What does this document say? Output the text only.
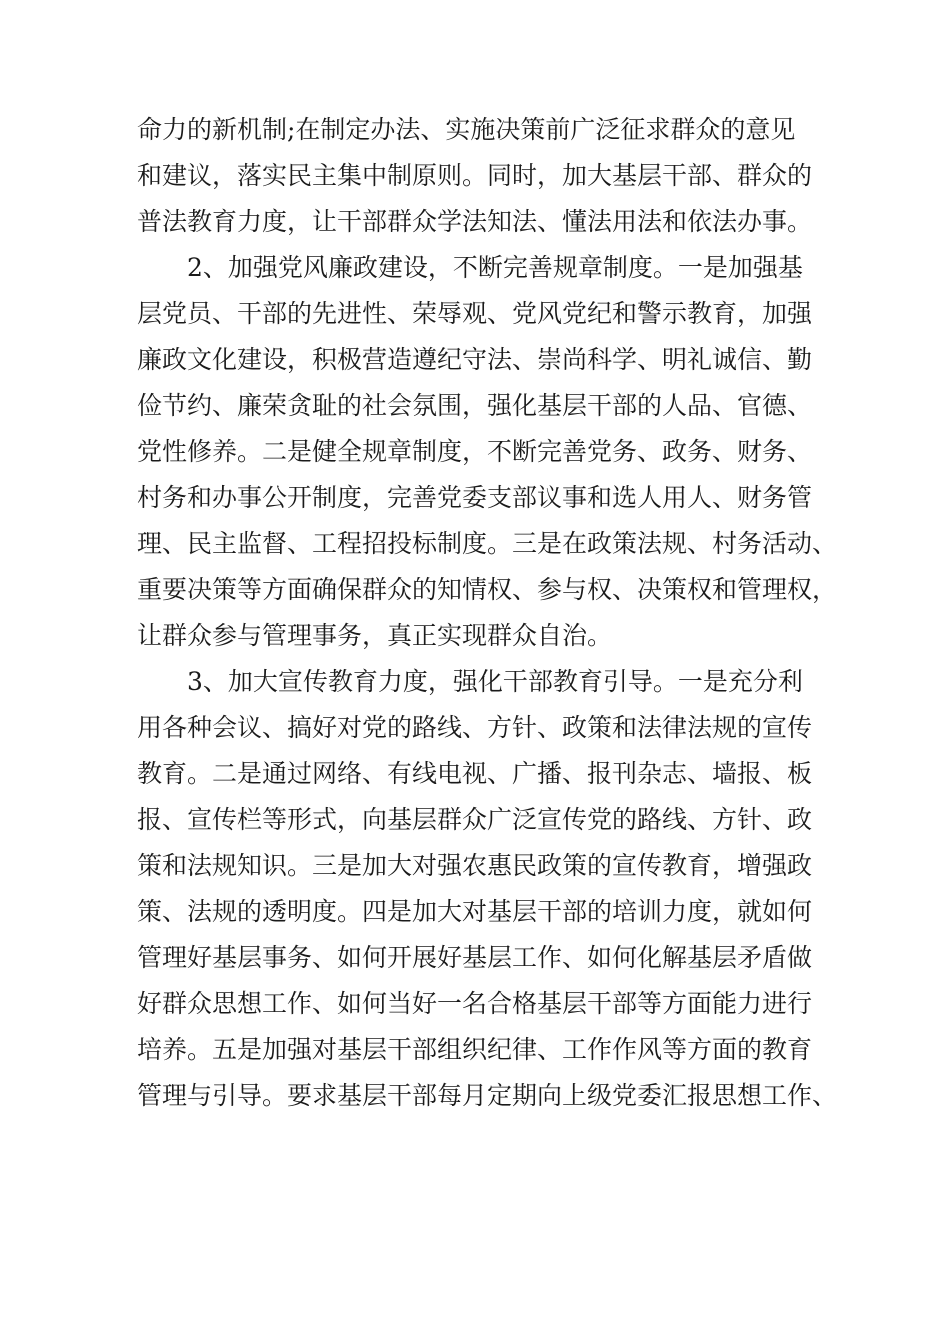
命力的新机制;在制定办法、实施决策前广泛征求群众的意见
和建议，落实民主集中制原则。同时，加大基层干部、群众的
普法教育力度，让干部群众学法知法、懂法用法和依法办事。
2、加强党风廉政建设，不断完善规章制度。一是加强基
层党员、干部的先进性、荣辱观、党风党纪和警示教育，加强
廉政文化建设，积极营造遵纪守法、崇尚科学、明礼诚信、勤
俭节约、廉荣贪耻的社会氛围，强化基层干部的人品、官德、
党性修养。二是健全规章制度，不断完善党务、政务、财务、
村务和办事公开制度，完善党委支部议事和选人用人、财务管
理、民主监督、工程招投标制度。三是在政策法规、村务活动、
重要决策等方面确保群众的知情权、参与权、决策权和管理权，
让群众参与管理事务，真正实现群众自治。
3、加大宣传教育力度，强化干部教育引导。一是充分利
用各种会议、搞好对党的路线、方针、政策和法律法规的宣传
教育。二是通过网络、有线电视、广播、报刊杂志、墙报、板
报、宣传栏等形式，向基层群众广泛宣传党的路线、方针、政
策和法规知识。三是加大对强农惠民政策的宣传教育，增强政
策、法规的透明度。四是加大对基层干部的培训力度，就如何
管理好基层事务、如何开展好基层工作、如何化解基层矛盾做
好群众思想工作、如何当好一名合格基层干部等方面能力进行
培养。五是加强对基层干部组织纪律、工作作风等方面的教育
管理与引导。要求基层干部每月定期向上级党委汇报思想工作、
